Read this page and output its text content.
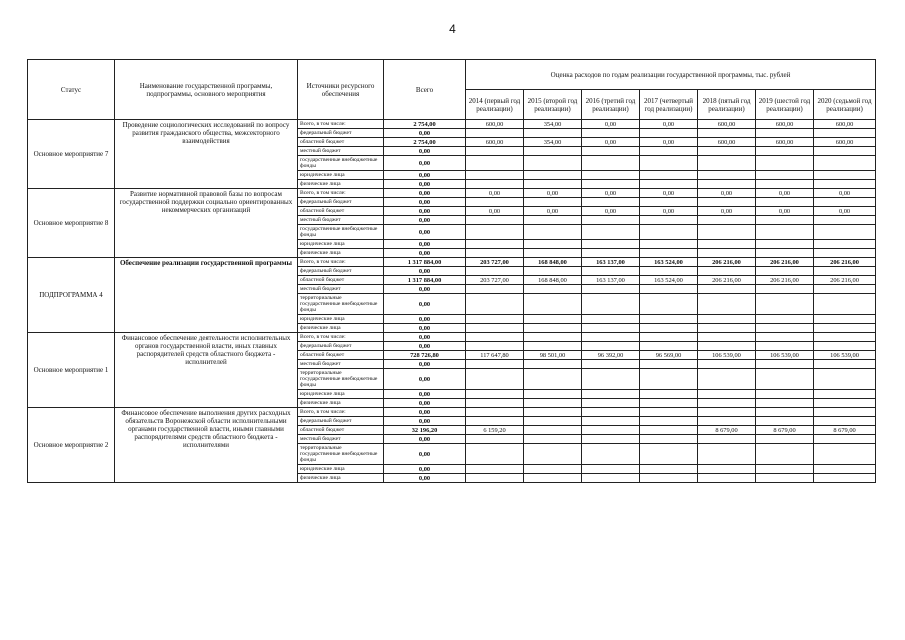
4
Статус	Наименование государственной программы, подпрограммы, основного мероприятия	Источники ресурсного обеспечения	Всего	Оценка расходов по годам реализации государственной программы, тыс. рублей						
				2014 (первый год реализации)	2015 (второй год реализации)	2016 (третий год реализации)	2017 (четвертый год реализации)	2018 (пятый год реализации)	2019 (шестой год реализации)	2020 (седьмой год реализации)
Основное мероприятие 7	Проведение социологических исследований по вопросу развития гражданского общества, межсекторного взаимодействия	Всего, в том числе:	2 754,00	600,00	354,00	0,00	0,00	600,00	600,00	600,00
		федеральный бюджет	0,00							
		областной бюджет	2 754,00	600,00	354,00	0,00	0,00	600,00	600,00	600,00
		местный бюджет	0,00							
		государственные внебюджетные фонды	0,00							
		юридические лица	0,00							
		физические лица	0,00							
Основное мероприятие 8	Развитие нормативной правовой базы по вопросам государственной поддержки социально ориентированных некоммерческих организаций	Всего, в том числе:	0,00	0,00	0,00	0,00	0,00	0,00	0,00	0,00
		федеральный бюджет	0,00							
		областной бюджет	0,00	0,00	0,00	0,00	0,00	0,00	0,00	0,00
		местный бюджет	0,00							
		государственные внебюджетные фонды	0,00							
		юридические лица	0,00							
		физические лица	0,00							
ПОДПРОГРАММА 4	Обеспечение реализации государственной программы	Всего, в том числе:	1 317 884,00	203 727,00	168 848,00	163 137,00	163 524,00	206 216,00	206 216,00	206 216,00
		федеральный бюджет	0,00							
		областной бюджет	1 317 884,00	203 727,00	168 848,00	163 137,00	163 524,00	206 216,00	206 216,00	206 216,00
		местный бюджет	0,00							
		территориальные государственные внебюджетные фонды	0,00							
		юридические лица	0,00							
		физические лица	0,00							
Основное мероприятие 1	Финансовое обеспечение деятельности исполнительных органов государственной власти, иных главных распорядителей средств областного бюджета - исполнителей	Всего, в том числе:	0,00							
		федеральный бюджет	0,00							
		областной бюджет	728 726,80	117 647,80	98 501,00	96 392,00	96 569,00	106 539,00	106 539,00	106 539,00
		местный бюджет	0,00							
		территориальные государственные внебюджетные фонды	0,00							
		юридические лица	0,00							
		физические лица	0,00							
Основное мероприятие 2	Финансовое обеспечение выполнения других расходных обязательств Воронежской области исполнительными органами государственной власти, иными главными распорядителями средств областного бюджета - исполнителями	Всего, в том числе:	0,00							
		федеральный бюджет	0,00							
		областной бюджет	32 196,20	6 159,20				8 679,00	8 679,00	8 679,00
		местный бюджет	0,00							
		территориальные государственные внебюджетные фонды	0,00							
		юридические лица	0,00							
		физические лица	0,00							
